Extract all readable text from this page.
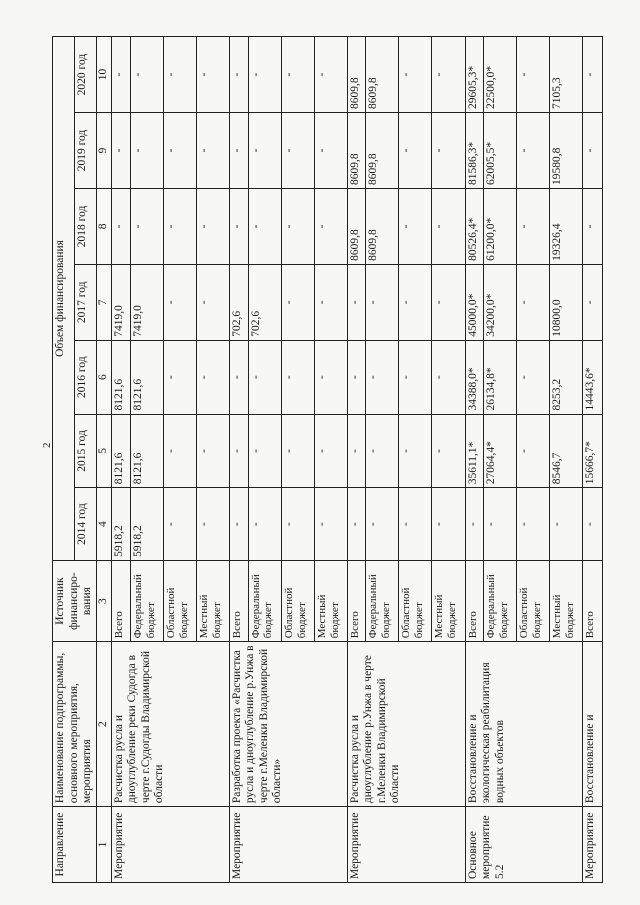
2
Направление	Наименование подпрограммы, основного мероприятия, мероприятия	Источник финансиро-вания	Объем финансирования						
			2014 год	2015 год	2016 год	2017 год	2018 год	2019 год	2020 год
1	2	3	4	5	6	7	8	9	10
Мероприятие	Расчистка русла и дноуглубление реки Судогда в черте г.Судогды Владимирской области	Всего	5918,2	8121,6	8121,6	7419,0	-	-	-
		Федеральный бюджет	5918,2	8121,6	8121,6	7419,0	-	-	-
		Областной бюджет	-	-	-	-	-	-	-
		Местный бюджет	-	-	-	-	-	-	-
Мероприятие	Разработка проекта «Расчистка русла и дноуглубление р.Унжа в черте г.Меленки Владимирской области»	Всего	-	-	-	702,6	-	-	-
		Федеральный бюджет	-	-	-	702,6	-	-	-
		Областной бюджет	-	-	-	-	-	-	-
		Местный бюджет	-	-	-	-	-	-	-
Мероприятие	Расчистка русла и дноуглубление р.Унжа в черте г.Меленки Владимирской области	Всего	-	-	-	-	8609,8	8609,8	8609,8
		Федеральный бюджет	-	-	-	-	8609,8	8609,8	8609,8
		Областной бюджет	-	-	-	-	-	-	-
		Местный бюджет	-	-	-	-	-	-	-
Основное мероприятие 5.2	Восстановление и экологическая реабилитация водных объектов	Всего	-	35611,1*	34388,0*	45000,0*	80526,4*	81586,3*	29605,3*
		Федеральный бюджет	-	27064,4*	26134,8*	34200,0*	61200,0*	62005,5*	22500,0*
		Областной бюджет	-	-	-	-	-	-	-
		Местный бюджет	-	8546,7	8253,2	10800,0	19326,4	19580,8	7105,3
Мероприятие	Восстановление и	Всего	-	15666,7*	14443,6*	-	-	-	-
